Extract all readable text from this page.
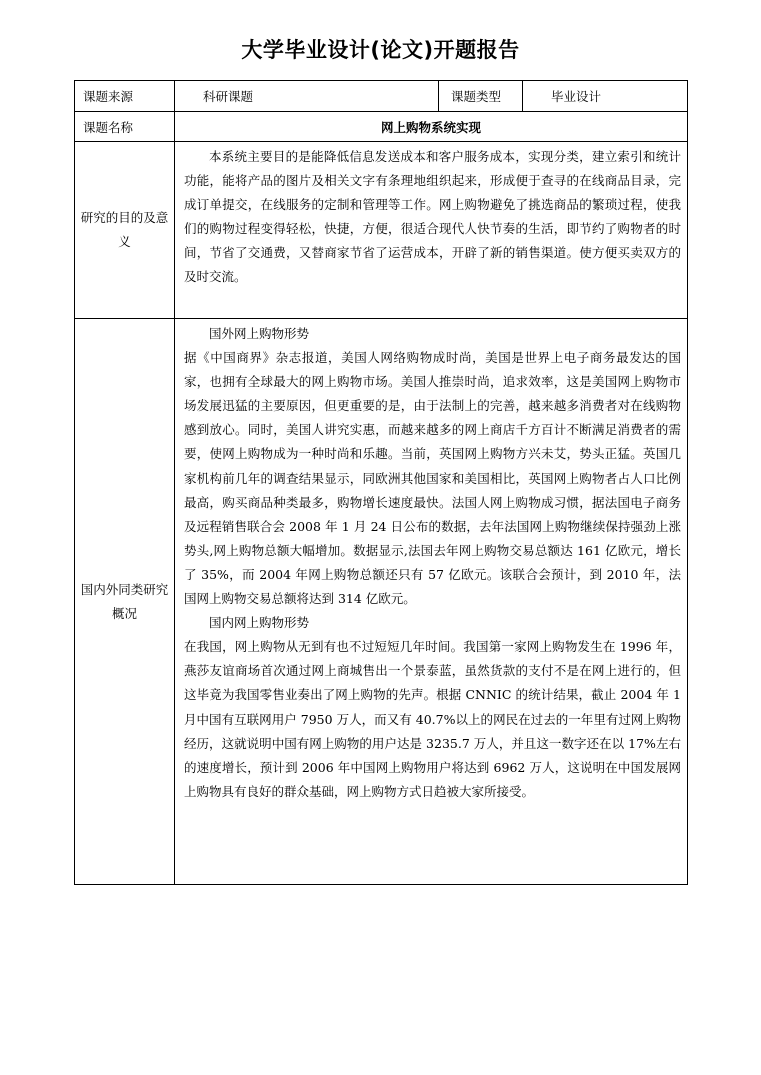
大学毕业设计(论文)开题报告
课题来源	科研课题	课题类型	毕业设计
课题名称	网上购物系统实现		
研究的目的及意义	本系统主要目的是能降低信息发送成本和客户服务成本，实现分类，建立索引和统计功能，能将产品的图片及相关文字有条理地组织起来，形成便于查寻的在线商品目录，完成订单提交，在线服务的定制和管理等工作。网上购物避免了挑选商品的繁琐过程，使我们的购物过程变得轻松，快捷，方便，很适合现代人快节奏的生活，即节约了购物者的时间，节省了交通费，又替商家节省了运营成本，开辟了新的销售渠道。使方便买卖双方的及时交流。		

国内外同类研究概况	国外网上购物形势

据《中国商界》杂志报道，美国人网络购物成时尚，美国是世界上电子商务最发达的国家，也拥有全球最大的网上购物市场。美国人推崇时尚，追求效率，这是美国网上购物市场发展迅猛的主要原因，但更重要的是，由于法制上的完善，越来越多消费者对在线购物感到放心。同时，美国人讲究实惠，而越来越多的网上商店千方百计不断满足消费者的需要，使网上购物成为一种时尚和乐趣。当前，英国网上购物方兴未艾，势头正猛。英国几家机构前几年的调查结果显示，同欧洲其他国家和美国相比，英国网上购物者占人口比例最高，购买商品种类最多，购物增长速度最快。法国人网上购物成习惯，据法国电子商务及远程销售联合会 2008 年 1 月 24 日公布的数据，去年法国网上购物继续保持强劲上涨势头,网上购物总额大幅增加。数据显示,法国去年网上购物交易总额达 161 亿欧元，增长了 35%，而 2004 年网上购物总额还只有 57 亿欧元。该联合会预计，到 2010 年，法国网上购物交易总额将达到 314 亿欧元。

国内网上购物形势

在我国，网上购物从无到有也不过短短几年时间。我国第一家网上购物发生在 1996 年，燕莎友谊商场首次通过网上商城售出一个景泰蓝，虽然货款的支付不是在网上进行的，但这毕竟为我国零售业奏出了网上购物的先声。根据 CNNIC 的统计结果，截止 2004 年 1 月中国有互联网用户 7950 万人，而又有 40.7%以上的网民在过去的一年里有过网上购物经历，这就说明中国有网上购物的用户达是 3235.7 万人，并且这一数字还在以 17%左右的速度增长，预计到 2006 年中国网上购物用户将达到 6962 万人，这说明在中国发展网上购物具有良好的群众基础，网上购物方式日趋被大家所接受。		
